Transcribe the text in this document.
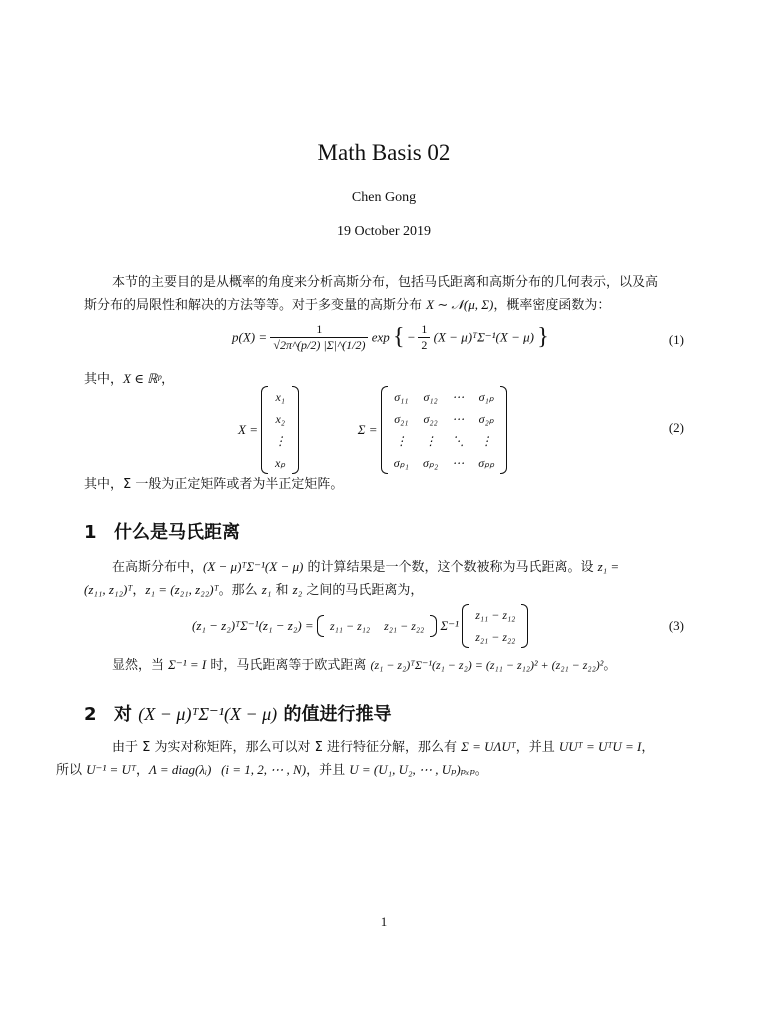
Math Basis 02
Chen Gong
19 October 2019
本节的主要目的是从概率的角度来分析高斯分布，包括马氏距离和高斯分布的几何表示，以及高
斯分布的局限性和解决的方法等等。对于多变量的高斯分布 X ∼ 𝒩(μ, Σ)，概率密度函数为：
$p(X) = \frac{1}{√2\pi\^{}(p/2) |\Sigma|\^{}(1/2)}$ exp { − $\frac{1}{2} (X$ − μ)ᵀΣ⁻¹(X − μ) }	(1)
其中，X ∈ ℝᵖ，
X =
x₁
x₂
⋮
xₚ
Σ =
σ₁₁	σ₁₂	⋯	σ₁ₚ
σ₂₁	σ₂₂	⋯	σ₂ₚ
⋮	⋮	⋱	⋮
σₚ₁	σₚ₂	⋯	σₚₚ
(2)
其中，Σ 一般为正定矩阵或者为半正定矩阵。
1 什么是马氏距离
在高斯分布中，(X − μ)ᵀΣ⁻¹(X − μ) 的计算结果是一个数，这个数被称为马氏距离。设 z₁ =
(z₁₁, z₁₂)ᵀ，z₁ = (z₂₁, z₂₂)ᵀ。那么 z₁ 和 z₂ 之间的马氏距离为，
(z₁ − z₂)ᵀΣ⁻¹(z₁ − z₂) = z₁₁ − z₁₂	z₂₁ − z₂₂ Σ⁻¹
z₁₁ − z₁₂
z₂₁ − z₂₂
(3)
显然，当 Σ⁻¹ = I 时，马氏距离等于欧式距离 (z₁ − z₂)ᵀΣ⁻¹(z₁ − z₂) = (z₁₁ − z₁₂)² + (z₂₁ − z₂₂)²。
2 对 (X − μ)ᵀΣ⁻¹(X − μ) 的值进行推导
由于 Σ 为实对称矩阵，那么可以对 Σ 进行特征分解，那么有 Σ = UΛUᵀ，并且 UUᵀ = UᵀU = I，
所以 U⁻¹ = Uᵀ，Λ = diag(λᵢ)   (i = 1, 2, ⋯ , N)，并且 U = (U₁, U₂, ⋯ , Uₚ)ₚₓₚ。
1
